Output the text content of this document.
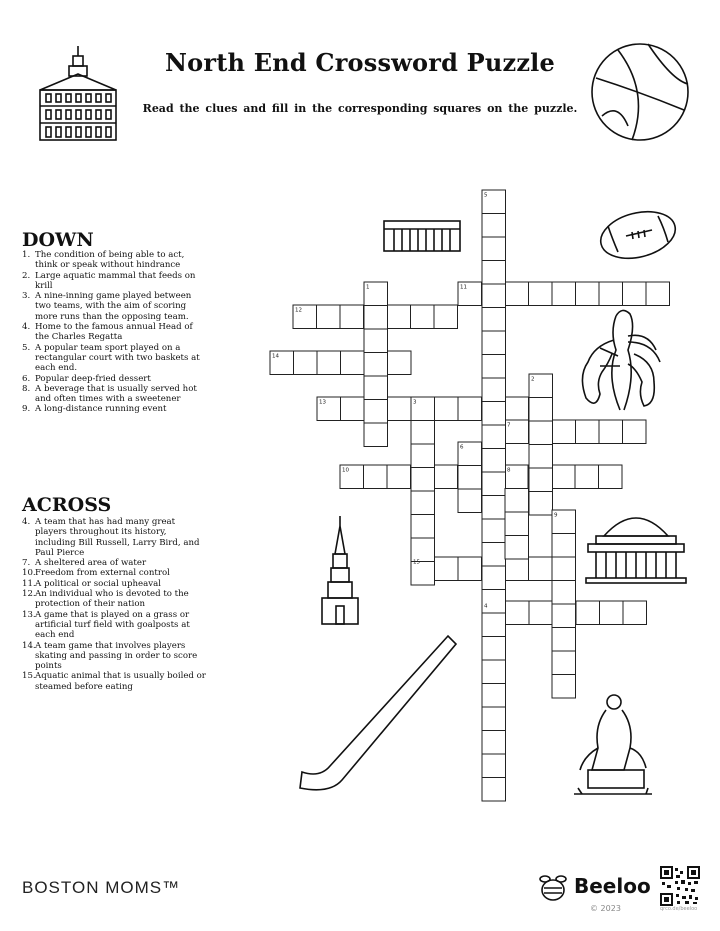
North End Crossword Puzzle
Read the clues and fill in the corresponding squares on the puzzle.
DOWN
1. The condition of being able to act, think or speak without hindrance
2. Large aquatic mammal that feeds on krill
3. A nine-inning game played between two teams, with the aim of scoring more runs than the opposing team.
4. Home to the famous annual Head of the Charles Regatta
5. A popular team sport played on a rectangular court with two baskets at each end.
6. Popular deep-fried dessert
8. A beverage that is usually served hot and often times with a sweetener
9. A long-distance running event
ACROSS
4. A team that has had many great players throughout its history, including Bill Russell, Larry Bird, and Paul Pierce
7. A sheltered area of water
10.Freedom from external control
11.A political or social upheaval
12.An individual who is devoted to the protection of their nation
13.A game that is played on a grass or artificial turf field with goalposts at each end
14.A team game that involves players skating and passing in order to score points
15.Aquatic animal that is usually boiled or steamed before eating
11
12
14
13
7
10
15
4
5
1
3
2
6
8
9
BOSTON MOMS™	Beeloo
© 2023	qrco.de/beeloo
